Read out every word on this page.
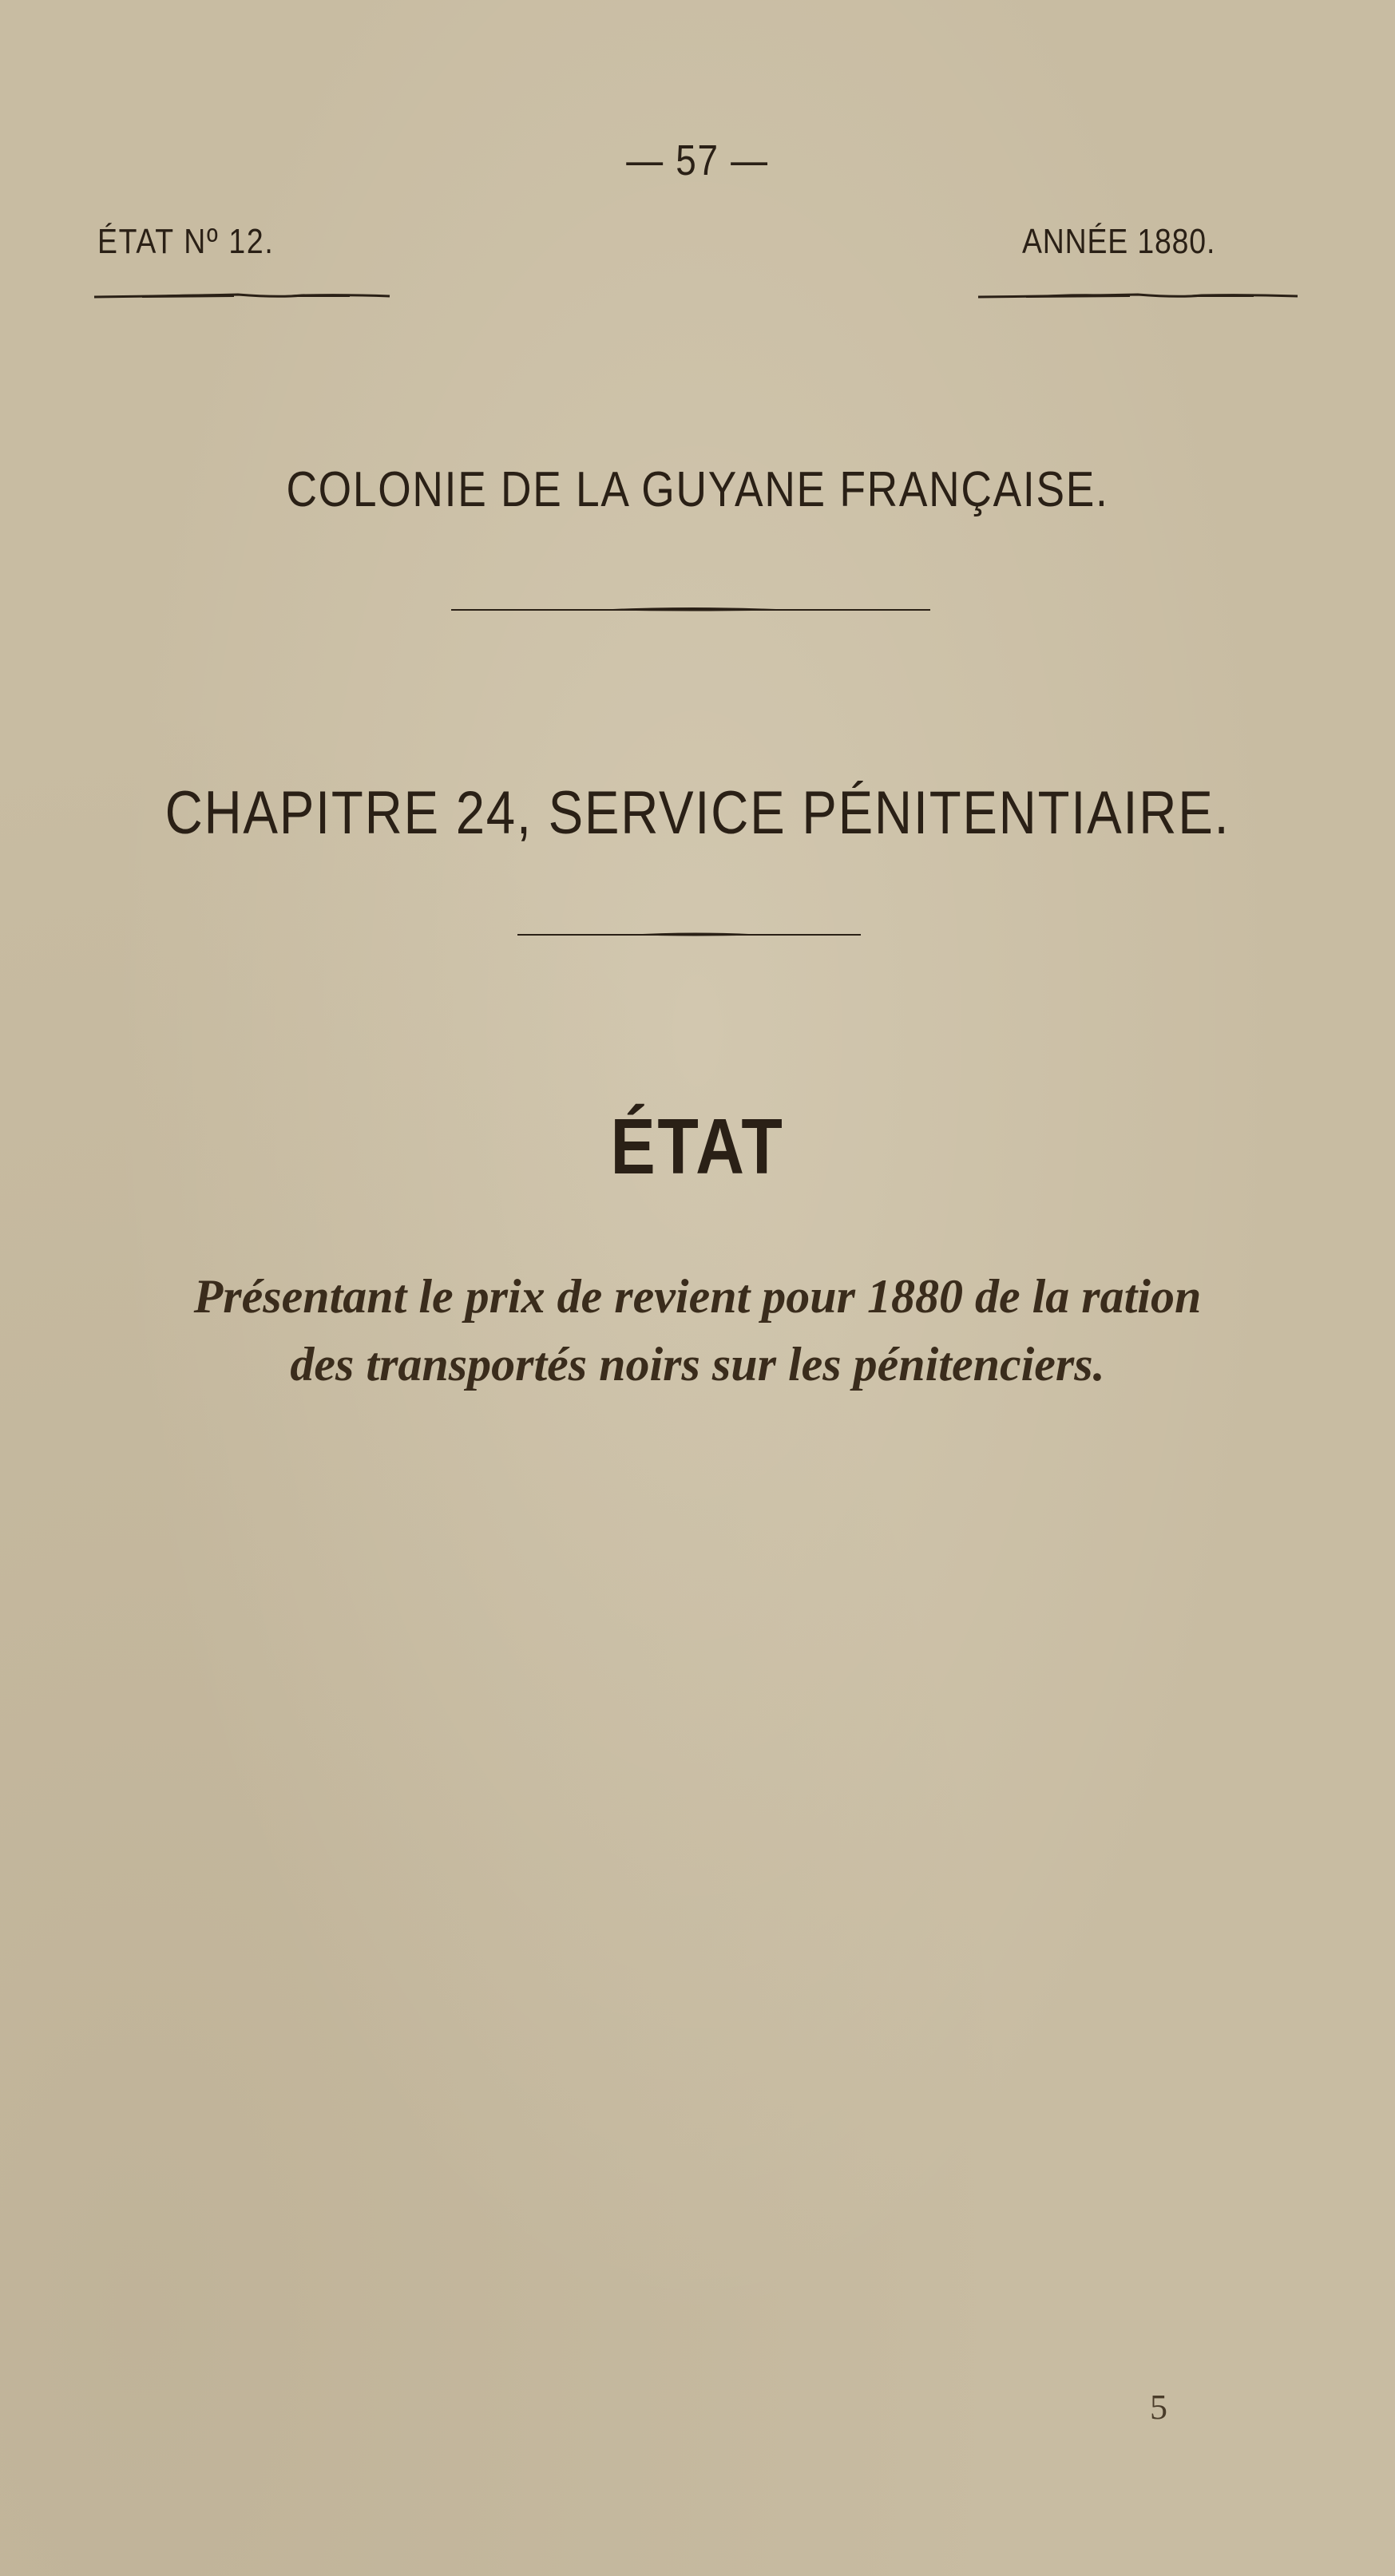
— 57 —
ÉTAT Nº 12.	ANNÉE 1880.
COLONIE DE LA GUYANE FRANÇAISE.
CHAPITRE 24, SERVICE PÉNITENTIAIRE.
ÉTAT
Présentant le prix de revient pour 1880 de la ration
des transportés noirs sur les pénitenciers.
5
